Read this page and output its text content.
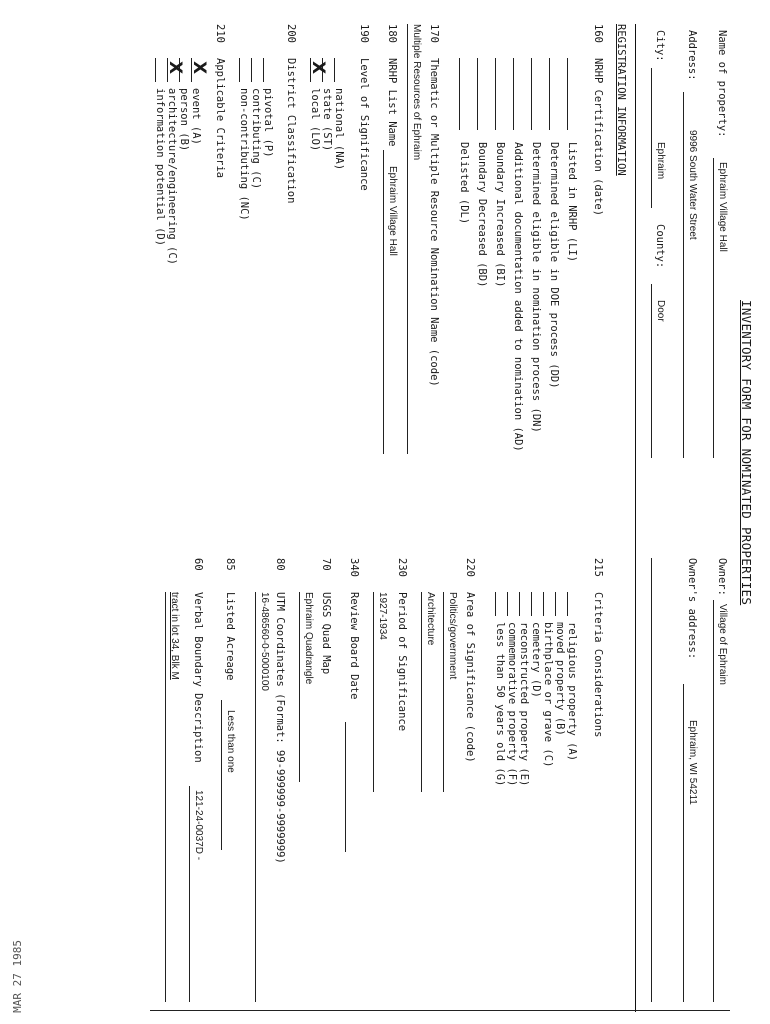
INVENTORY FORM FOR NOMINATED PROPERTIES
Name of property:
Ephraim Village Hall
Owner:
Village of Ephraim
Address:
9996 South Water Street
Owner's address:
Ephraim, WI 54211
City:
Ephraim
County:
Door
REGISTRATION INFORMATION
160
NRHP Certification (date)
Listed in NRHP (LI)
Determined eligible in DOE process (DD)
Determined eligible in nomination process (DN)
Additional documentation added to nomination (AD)
Boundary Increased (BI)
Boundary Decreased (BD)
Delisted (DL)
170
Thematic or Multiple Resource Nomination Name (code)
Multiple Resources of Ephraim
180
NRHP List Name
Ephraim Village Hall
190
Level of Significance
national (NA)
state (ST)
X
local (LO)
200
District Classification
pivotal (P)
contributing (C)
non-contributing (NC)
210
Applicable Criteria
X
event (A)
person (B)
X
architecture/engineering (C)
information potential (D)
215
Criteria Considerations
religious property (A)
moved property (B)
birthplace or grave (C)
cemetery (D)
reconstructed property (E)
commemorative property (F)
less than 50 years old (G)
220
Area of Significance (code)
Politics/government
Architecture
230
Period of Significance
1927-1934
340
Review Board Date
70
USGS Quad Map
Ephraim Quadrangle
80
UTM Coordinates (Format: 99-999999-9999999)
16-486560-0-5000100
85
Listed Acreage
Less than one
60
Verbal Boundary Description
121-24-0037D -
tract in lot 34, Blk M
MAR 27 1985
